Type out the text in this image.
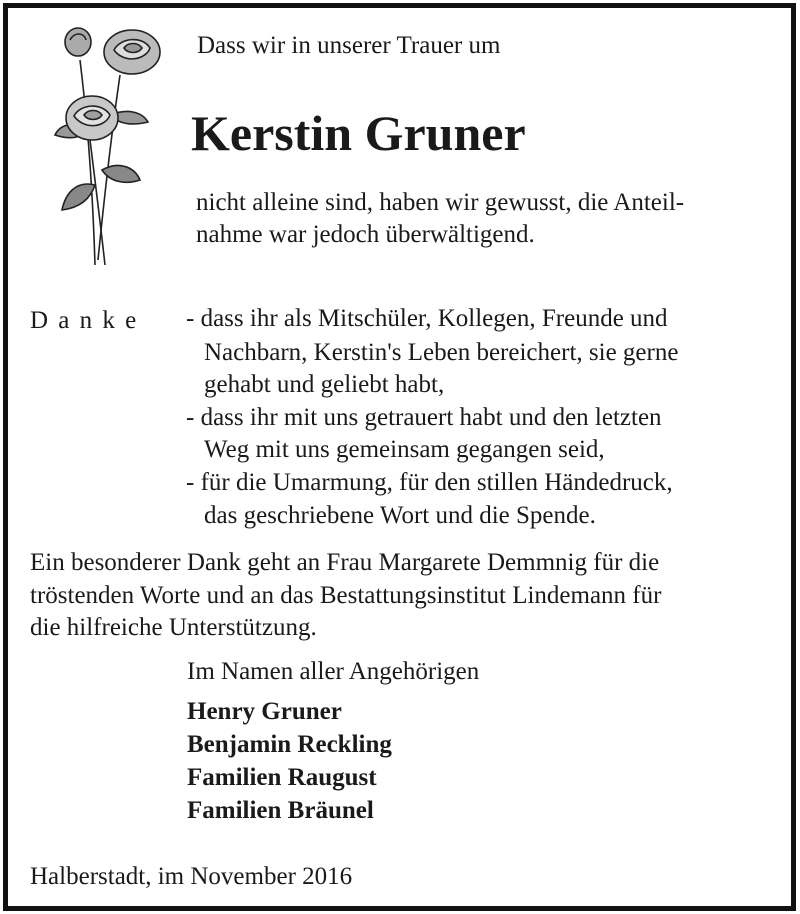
Dass wir in unserer Trauer um
Kerstin Gruner
nicht alleine sind, haben wir gewusst, die Anteil-
nahme war jedoch überwältigend.
D a n k e - dass ihr als Mitschüler, Kollegen, Freunde und
Nachbarn, Kerstin's Leben bereichert, sie gerne
gehabt und geliebt habt,
- dass ihr mit uns getrauert habt und den letzten
Weg mit uns gemeinsam gegangen seid,
- für die Umarmung, für den stillen Händedruck,
das geschriebene Wort und die Spende.
Ein besonderer Dank geht an Frau Margarete Demmnig für die
tröstenden Worte und an das Bestattungsinstitut Lindemann für
die hilfreiche Unterstützung.
Im Namen aller Angehörigen
Henry Gruner
Benjamin Reckling
Familien Raugust
Familien Bräunel
Halberstadt, im November 2016
